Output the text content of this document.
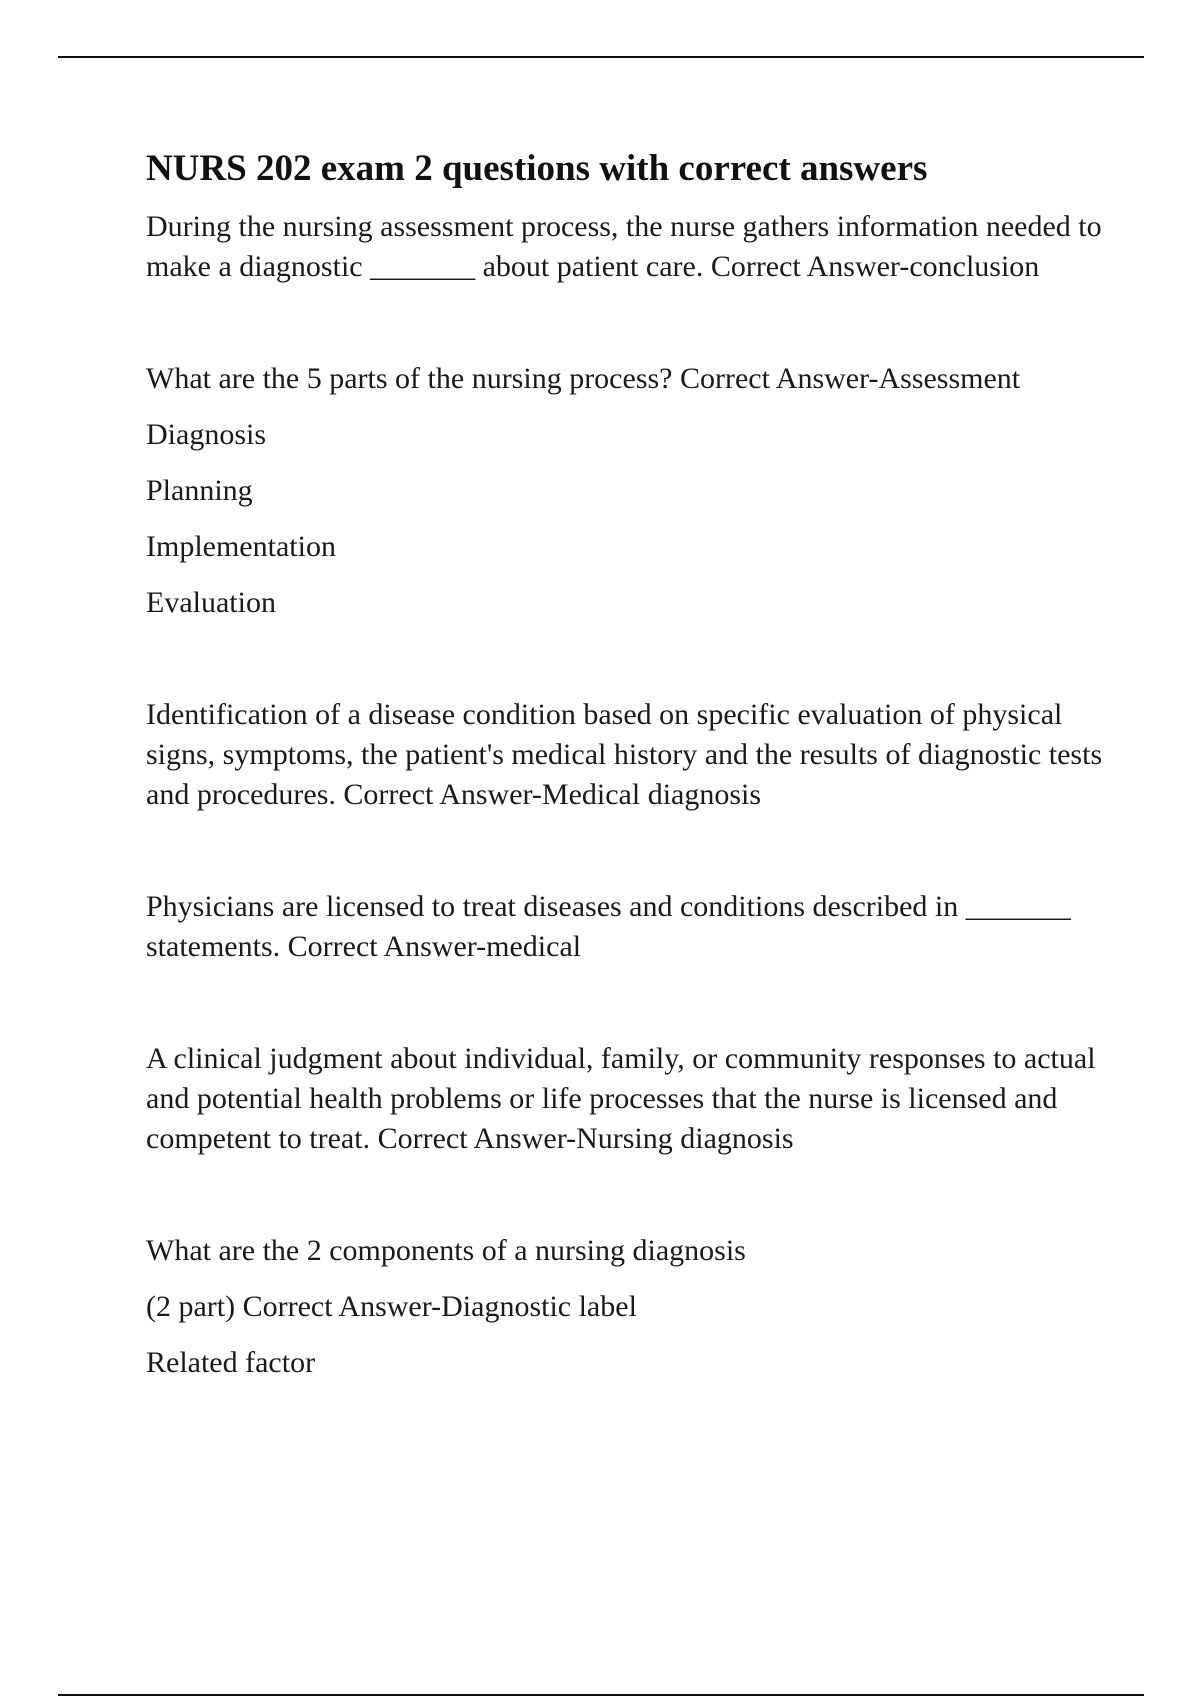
NURS 202 exam 2 questions with correct answers

During the nursing assessment process, the nurse gathers information needed to make a diagnostic _______ about patient care. Correct Answer-conclusion

What are the 5 parts of the nursing process? Correct Answer-Assessment

Diagnosis

Planning

Implementation

Evaluation

Identification of a disease condition based on specific evaluation of physical signs, symptoms, the patient's medical history and the results of diagnostic tests and procedures. Correct Answer-Medical diagnosis

Physicians are licensed to treat diseases and conditions described in _______ statements. Correct Answer-medical

A clinical judgment about individual, family, or community responses to actual and potential health problems or life processes that the nurse is licensed and competent to treat. Correct Answer-Nursing diagnosis

What are the 2 components of a nursing diagnosis

(2 part) Correct Answer-Diagnostic label

Related factor
